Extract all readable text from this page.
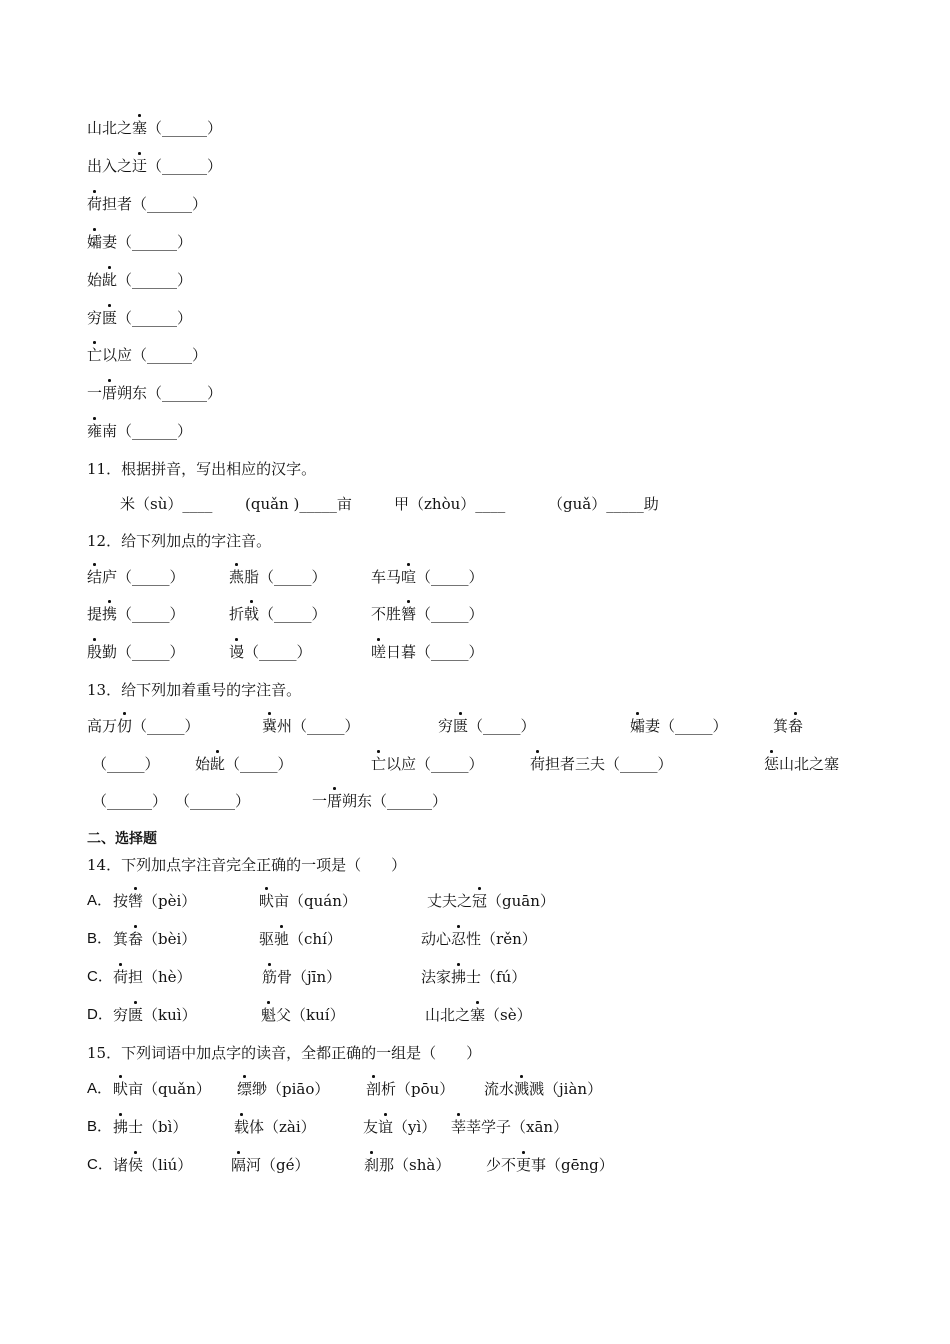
山北之塞（______）
出入之迂（______）
荷担者（______）
孀妻（______）
始龀（______）
穷匮（______）
亡以应（______）
一厝朔东（______）
雍南（______）
11．根据拼音，写出相应的汉字。
米（sù）____ (quǎn )_____亩	甲（zhòu）____	（guǎ）_____助
12．给下列加点的字注音。
结庐（_____）	燕脂（_____）	车马喧（_____）
提携（_____）	折戟（_____）	不胜簪（_____）
殷勤（_____）	谩（_____）	嗟日暮（_____）
13．给下列加着重号的字注音。
高万仞（_____）	冀州（_____）	穷匮（_____）	孀妻（_____）	箕畚
（_____） 始龀（_____）	亡以应（_____）	荷担者三夫（_____）	惩山北之塞
（______） （______）	一厝朔东（______）
二、选择题
14．下列加点字注音完全正确的一项是（　　）
A． 按辔（pèi）	畎亩（quán）	丈夫之冠（guān）
B． 箕畚（bèi）	驱驰（chí）	动心忍性（rěn）
C． 荷担（hè）	筋骨（jīn）	法家拂士（fú）
D． 穷匮（kuì）	魁父（kuí）	山北之塞（sè）
15．下列词语中加点字的读音，全都正确的一组是（　　）
A． 畎亩（quǎn） 缥缈（piāo） 剖析（pōu） 流水溅溅（jiàn）
B． 拂士（bì）	载体（zài）	友谊（yì） 莘莘学子（xān）
C． 诸侯（liú）	隔河（gé）	刹那（shà） 少不更事（gēng）
